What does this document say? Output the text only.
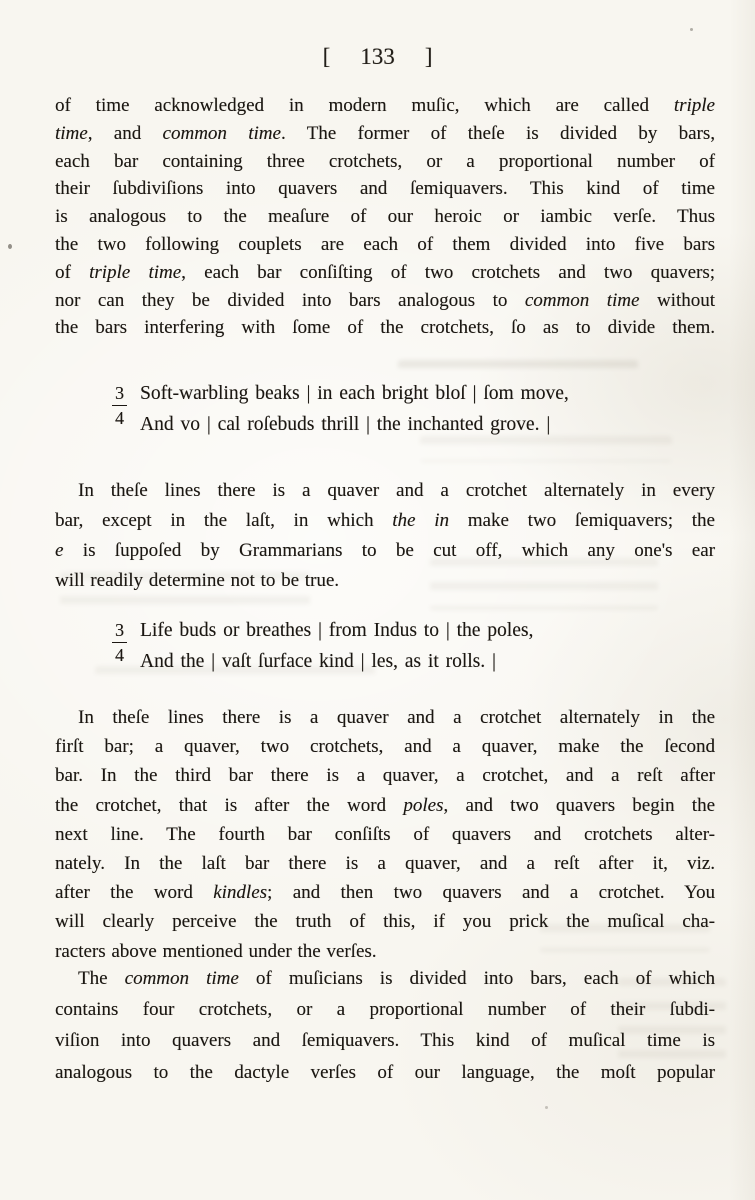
[ 133 ]
of time acknowledged in modern muſic, which are called triple
time, and common time. The former of theſe is divided by bars,
each bar containing three crotchets, or a proportional number of
their ſubdiviſions into quavers and ſemiquavers. This kind of time
is analogous to the meaſure of our heroic or iambic verſe. Thus
the two following couplets are each of them divided into five bars
of triple time, each bar conſiſting of two crotchets and two quavers;
nor can they be divided into bars analogous to common time without
the bars interfering with ſome of the crotchets, ſo as to divide them.
$\frac{3}{4}$ Soft-warbling beaks | in each bright bloſ | ſom move,
And vo | cal roſebuds thrill | the inchanted grove. |
In theſe lines there is a quaver and a crotchet alternately in every
bar, except in the laſt, in which the in make two ſemiquavers; the
e is ſuppoſed by Grammarians to be cut off, which any one's ear
will readily determine not to be true.
$\frac{3}{4}$ Life buds or breathes | from Indus to | the poles,
And the | vaſt ſurface kind | les, as it rolls. |
In theſe lines there is a quaver and a crotchet alternately in the
firſt bar; a quaver, two crotchets, and a quaver, make the ſecond
bar. In the third bar there is a quaver, a crotchet, and a reſt after
the crotchet, that is after the word poles, and two quavers begin the
next line. The fourth bar conſiſts of quavers and crotchets alter-
nately. In the laſt bar there is a quaver, and a reſt after it, viz.
after the word kindles; and then two quavers and a crotchet. You
will clearly perceive the truth of this, if you prick the muſical cha-
racters above mentioned under the verſes.
The common time of muſicians is divided into bars, each of which
contains four crotchets, or a proportional number of their ſubdi-
viſion into quavers and ſemiquavers. This kind of muſical time is
analogous to the dactyle verſes of our language, the moſt popular
